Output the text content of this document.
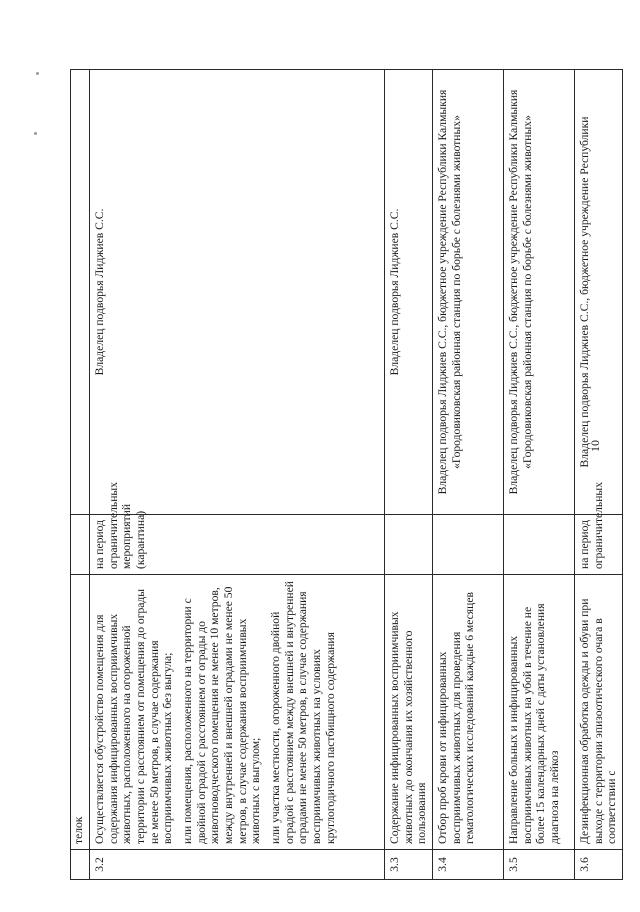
	телок		
3.2	Осуществляется обустройство помещения для содержания инфицированных восприимчивых животных, расположенного на огороженной территории с расстоянием от помещения до ограды не менее 50 метров, в случае содержания восприимчивых животных без выгула; или помещения, расположенного на территории с двойной оградой с расстоянием от ограды до животноводческого помещения не менее 10 метров, между внутренней и внешней оградами не менее 50 метров, в случае содержания восприимчивых животных с выгулом; или участка местности, огороженного двойной оградой с расстоянием между внешней и внутренней оградами не менее 50 метров, в случае содержания восприимчивых животных на условиях круглогодичного пастбищного содержания	на период ограничительных мероприятий (карантина)	Владелец подворья Лиджиев С.С.
3.3	Содержание инфицированных восприимчивых животных до окончания их хозяйственного пользования		Владелец подворья Лиджиев С.С.
3.4	Отбор проб крови от инфицированных восприимчивых животных для проведения гематологических исследований каждые 6 месяцев		Владелец подворья Лиджиев С.С., бюджетное учреждение Республики Калмыкия «Городовиковская районная станция по борьбе с болезнями животных»
3.5	Направление больных и инфицированных восприимчивых животных на убой в течение не более 15 календарных дней с даты установления диагноза на лейкоз		Владелец подворья Лиджиев С.С., бюджетное учреждение Республики Калмыкия «Городовиковская районная станция по борьбе с болезнями животных»
3.6	Дезинфекционная обработка одежды и обуви при выходе с территории эпизоотического очага в соответствии с	на период ограничительных	Владелец подворья Лиджиев С.С., бюджетное учреждение Республики
10
